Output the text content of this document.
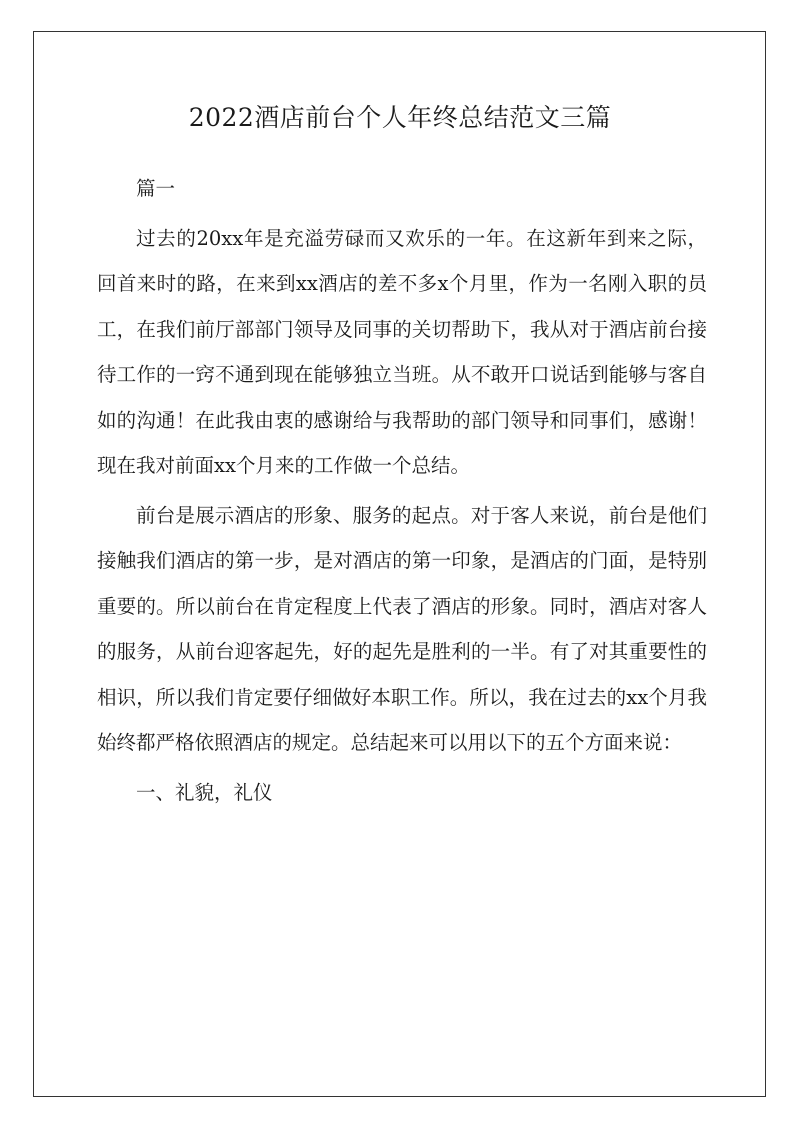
2022酒店前台个人年终总结范文三篇

篇一

过去的20xx年是充溢劳碌而又欢乐的一年。在这新年到来之际，回首来时的路，在来到xx酒店的差不多x个月里，作为一名刚入职的员工，在我们前厅部部门领导及同事的关切帮助下，我从对于酒店前台接待工作的一窍不通到现在能够独立当班。从不敢开口说话到能够与客自如的沟通！在此我由衷的感谢给与我帮助的部门领导和同事们，感谢！现在我对前面xx个月来的工作做一个总结。

前台是展示酒店的形象、服务的起点。对于客人来说，前台是他们接触我们酒店的第一步，是对酒店的第一印象，是酒店的门面，是特别重要的。所以前台在肯定程度上代表了酒店的形象。同时，酒店对客人的服务，从前台迎客起先，好的起先是胜利的一半。有了对其重要性的相识，所以我们肯定要仔细做好本职工作。所以，我在过去的xx个月我始终都严格依照酒店的规定。总结起来可以用以下的五个方面来说：

一、礼貌，礼仪
